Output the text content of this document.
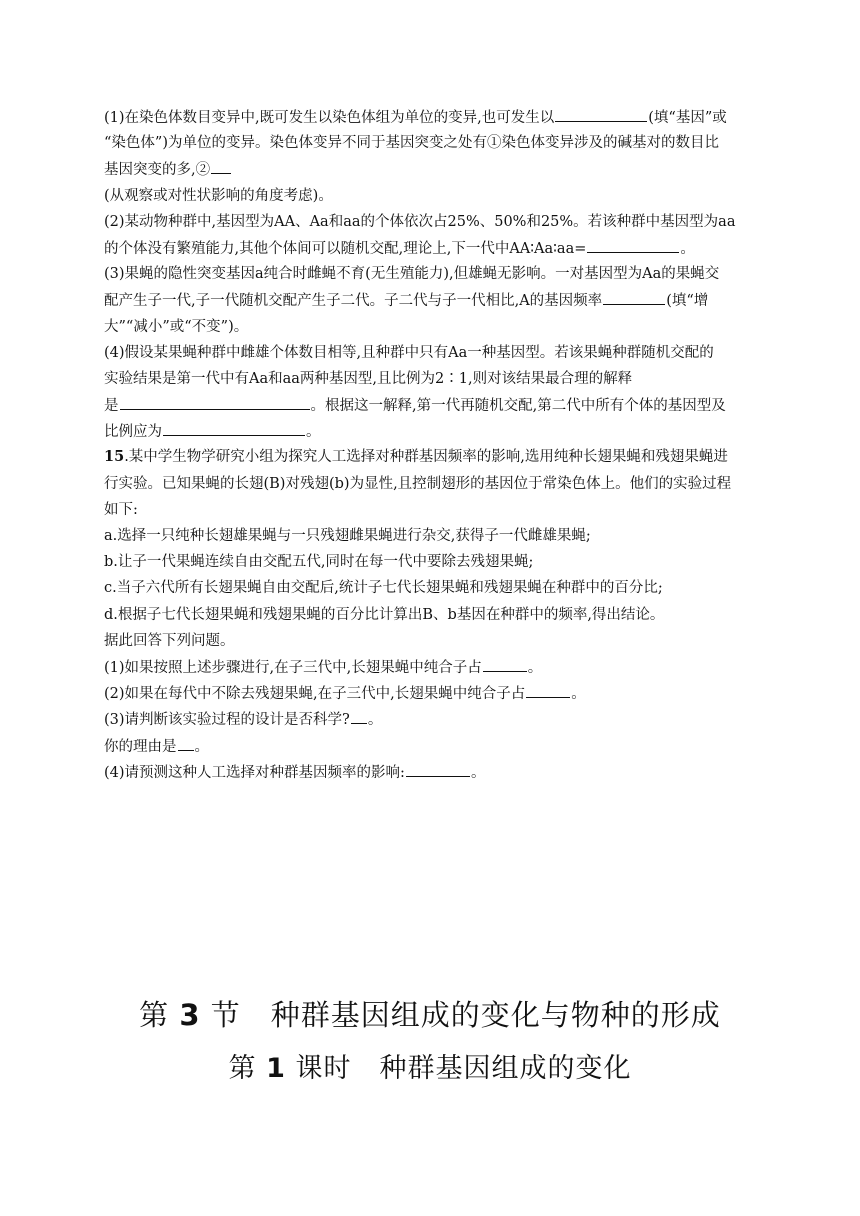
(1)在染色体数目变异中,既可发生以染色体组为单位的变异,也可发生以	(填“基因”或
“染色体”)为单位的变异。染色体变异不同于基因突变之处有①染色体变异涉及的碱基对的数目比
基因突变的多,②
(从观察或对性状影响的角度考虑)。
(2)某动物种群中,基因型为AA、Aa和aa的个体依次占25%、50%和25%。若该种群中基因型为aa
的个体没有繁殖能力,其他个体间可以随机交配,理论上,下一代中AA∶Aa∶aa=	。
(3)果蝇的隐性突变基因a纯合时雌蝇不育(无生殖能力),但雄蝇无影响。一对基因型为Aa的果蝇交
配产生子一代,子一代随机交配产生子二代。子二代与子一代相比,A的基因频率	(填“增
大”“减小”或“不变”)。
(4)假设某果蝇种群中雌雄个体数目相等,且种群中只有Aa一种基因型。若该果蝇种群随机交配的
实验结果是第一代中有Aa和aa两种基因型,且比例为2∶1,则对该结果最合理的解释
是	。根据这一解释,第一代再随机交配,第二代中所有个体的基因型及
比例应为	。
15.某中学生物学研究小组为探究人工选择对种群基因频率的影响,选用纯种长翅果蝇和残翅果蝇进
行实验。已知果蝇的长翅(B)对残翅(b)为显性,且控制翅形的基因位于常染色体上。他们的实验过程
如下:
a.选择一只纯种长翅雄果蝇与一只残翅雌果蝇进行杂交,获得子一代雌雄果蝇;
b.让子一代果蝇连续自由交配五代,同时在每一代中要除去残翅果蝇;
c.当子六代所有长翅果蝇自由交配后,统计子七代长翅果蝇和残翅果蝇在种群中的百分比;
d.根据子七代长翅果蝇和残翅果蝇的百分比计算出B、b基因在种群中的频率,得出结论。
据此回答下列问题。
(1)如果按照上述步骤进行,在子三代中,长翅果蝇中纯合子占	。
(2)如果在每代中不除去残翅果蝇,在子三代中,长翅果蝇中纯合子占	。
(3)请判断该实验过程的设计是否科学? 。
你的理由是 。
(4)请预测这种人工选择对种群基因频率的影响:	。
第 3 节　种群基因组成的变化与物种的形成
第 1 课时　种群基因组成的变化
